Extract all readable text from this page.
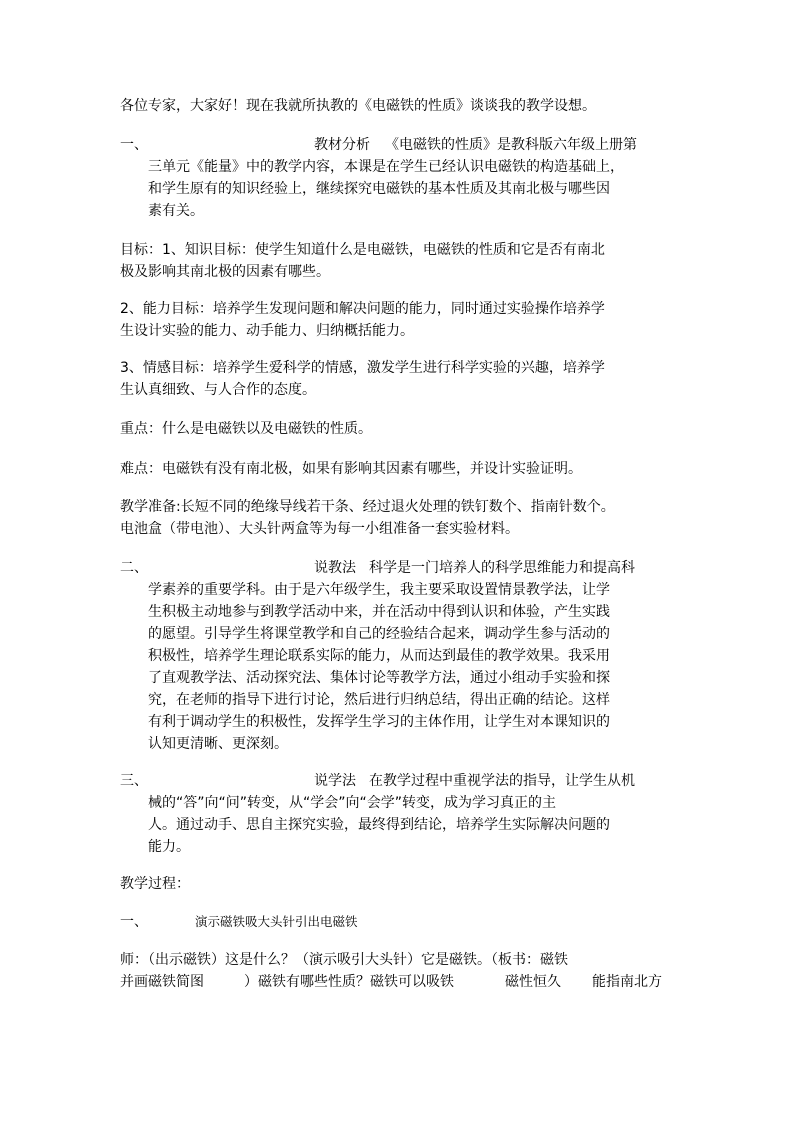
各位专家，大家好！现在我就所执教的《电磁铁的性质》谈谈我的教学设想。
一、	教材分析 《电磁铁的性质》是教科版六年级上册第
三单元《能量》中的教学内容，本课是在学生已经认识电磁铁的构造基础上，
和学生原有的知识经验上，继续探究电磁铁的基本性质及其南北极与哪些因
素有关。
目标：1、知识目标：使学生知道什么是电磁铁，电磁铁的性质和它是否有南北
极及影响其南北极的因素有哪些。
2、能力目标：培养学生发现问题和解决问题的能力，同时通过实验操作培养学
生设计实验的能力、动手能力、归纳概括能力。
3、情感目标：培养学生爱科学的情感，激发学生进行科学实验的兴趣，培养学
生认真细致、与人合作的态度。
重点：什么是电磁铁以及电磁铁的性质。
难点：电磁铁有没有南北极，如果有影响其因素有哪些，并设计实验证明。
教学准备:长短不同的绝缘导线若干条、经过退火处理的铁钉数个、指南针数个。
电池盒（带电池）、大头针两盒等为每一小组准备一套实验材料。
二、	说教法 科学是一门培养人的科学思维能力和提高科
学素养的重要学科。由于是六年级学生，我主要采取设置情景教学法，让学
生积极主动地参与到教学活动中来，并在活动中得到认识和体验，产生实践
的愿望。引导学生将课堂教学和自己的经验结合起来，调动学生参与活动的
积极性，培养学生理论联系实际的能力，从而达到最佳的教学效果。我采用
了直观教学法、活动探究法、集体讨论等教学方法，通过小组动手实验和探
究，在老师的指导下进行讨论，然后进行归纳总结，得出正确的结论。这样
有利于调动学生的积极性，发挥学生学习的主体作用，让学生对本课知识的
认知更清晰、更深刻。
三、	说学法 在教学过程中重视学法的指导，让学生从机
械的“答”向“问”转变，从“学会”向“会学”转变，成为学习真正的主
人。通过动手、思自主探究实验，最终得到结论，培养学生实际解决问题的
能力。
教学过程：
一、	演示磁铁吸大头针引出电磁铁
师：（出示磁铁）这是什么？（演示吸引大头针）它是磁铁。（板书：磁铁
并画磁铁简图	）磁铁有哪些性质？磁铁可以吸铁	磁性恒久 能指南北方
